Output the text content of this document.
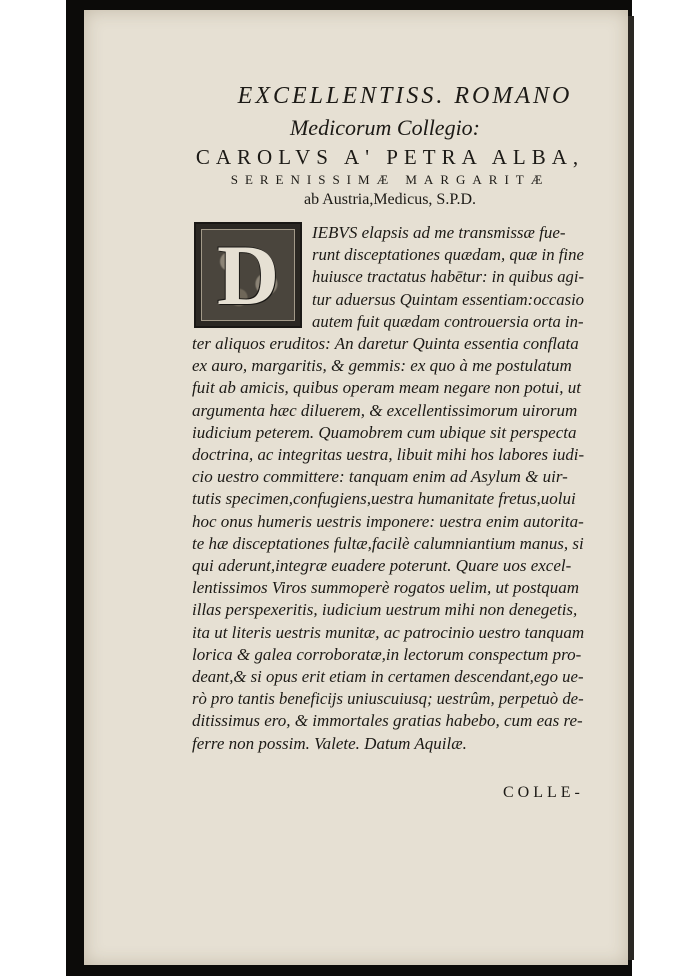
EXCELLENTISS. ROMANO
Medicorum Collegio:
CAROLVS A' PETRA ALBA,
SERENISSIMÆ MARGARITÆ
ab Austria,Medicus, S.P.D.
D	IEBVS elapsis ad me transmissæ fue-
runt disceptationes quædam, quæ in fine
huiusce tractatus habētur: in quibus agi-
tur aduersus Quintam essentiam:occasio
autem fuit quædam controuersia orta in-
ter aliquos eruditos: An daretur Quinta essentia conflata
ex auro, margaritis, & gemmis: ex quo à me postulatum
fuit ab amicis, quibus operam meam negare non potui, ut
argumenta hæc diluerem, & excellentissimorum uirorum
iudicium peterem. Quamobrem cum ubique sit perspecta
doctrina, ac integritas uestra, libuit mihi hos labores iudi-
cio uestro committere: tanquam enim ad Asylum & uir-
tutis specimen,confugiens,uestra humanitate fretus,uolui
hoc onus humeris uestris imponere: uestra enim autorita-
te hæ disceptationes fultæ,facilè calumniantium manus, si
qui aderunt,integræ euadere poterunt. Quare uos excel-
lentissimos Viros summoperè rogatos uelim, ut postquam
illas perspexeritis, iudicium uestrum mihi non denegetis,
ita ut literis uestris munitæ, ac patrocinio uestro tanquam
lorica & galea corroboratæ,in lectorum conspectum pro-
deant,& si opus erit etiam in certamen descendant,ego ue-
rò pro tantis beneficijs uniuscuiusq; uestrûm, perpetuò de-
ditissimus ero, & immortales gratias habebo, cum eas re-
ferre non possim. Valete. Datum Aquilæ.
COLLE-
